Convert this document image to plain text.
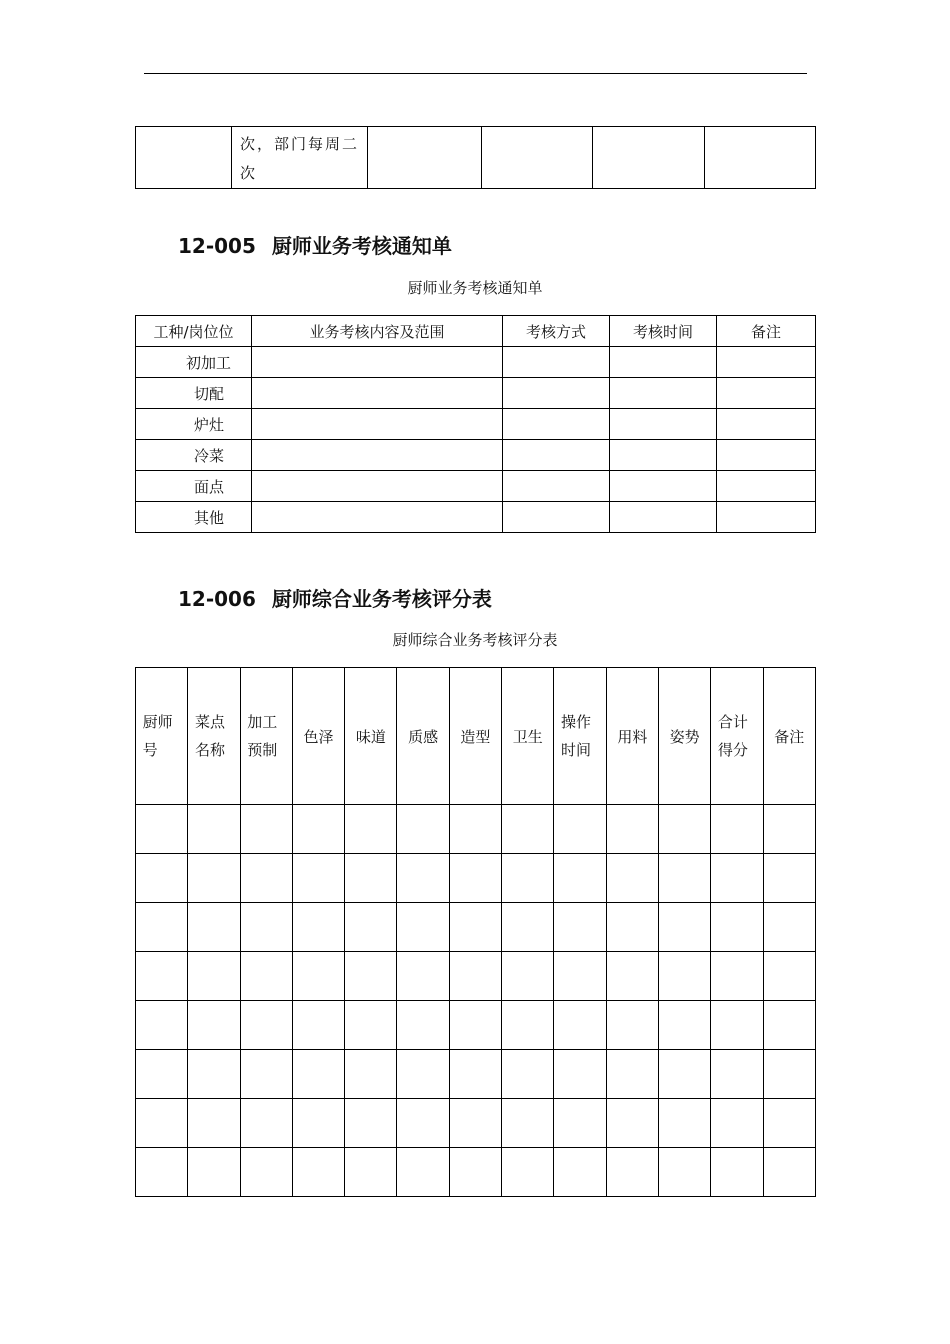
次，部门每周二次

12-005 厨师业务考核通知单
厨师业务考核通知单
工种/岗位位	业务考核内容及范围	考核方式	考核时间	备注
初加工				
切配				
炉灶				
冷菜				
面点				
其他				
12-006 厨师综合业务考核评分表
厨师综合业务考核评分表
厨师号	菜点名称	加工预制	色泽	味道	质感	造型	卫生	操作时间	用料	姿势	合计得分	备注
